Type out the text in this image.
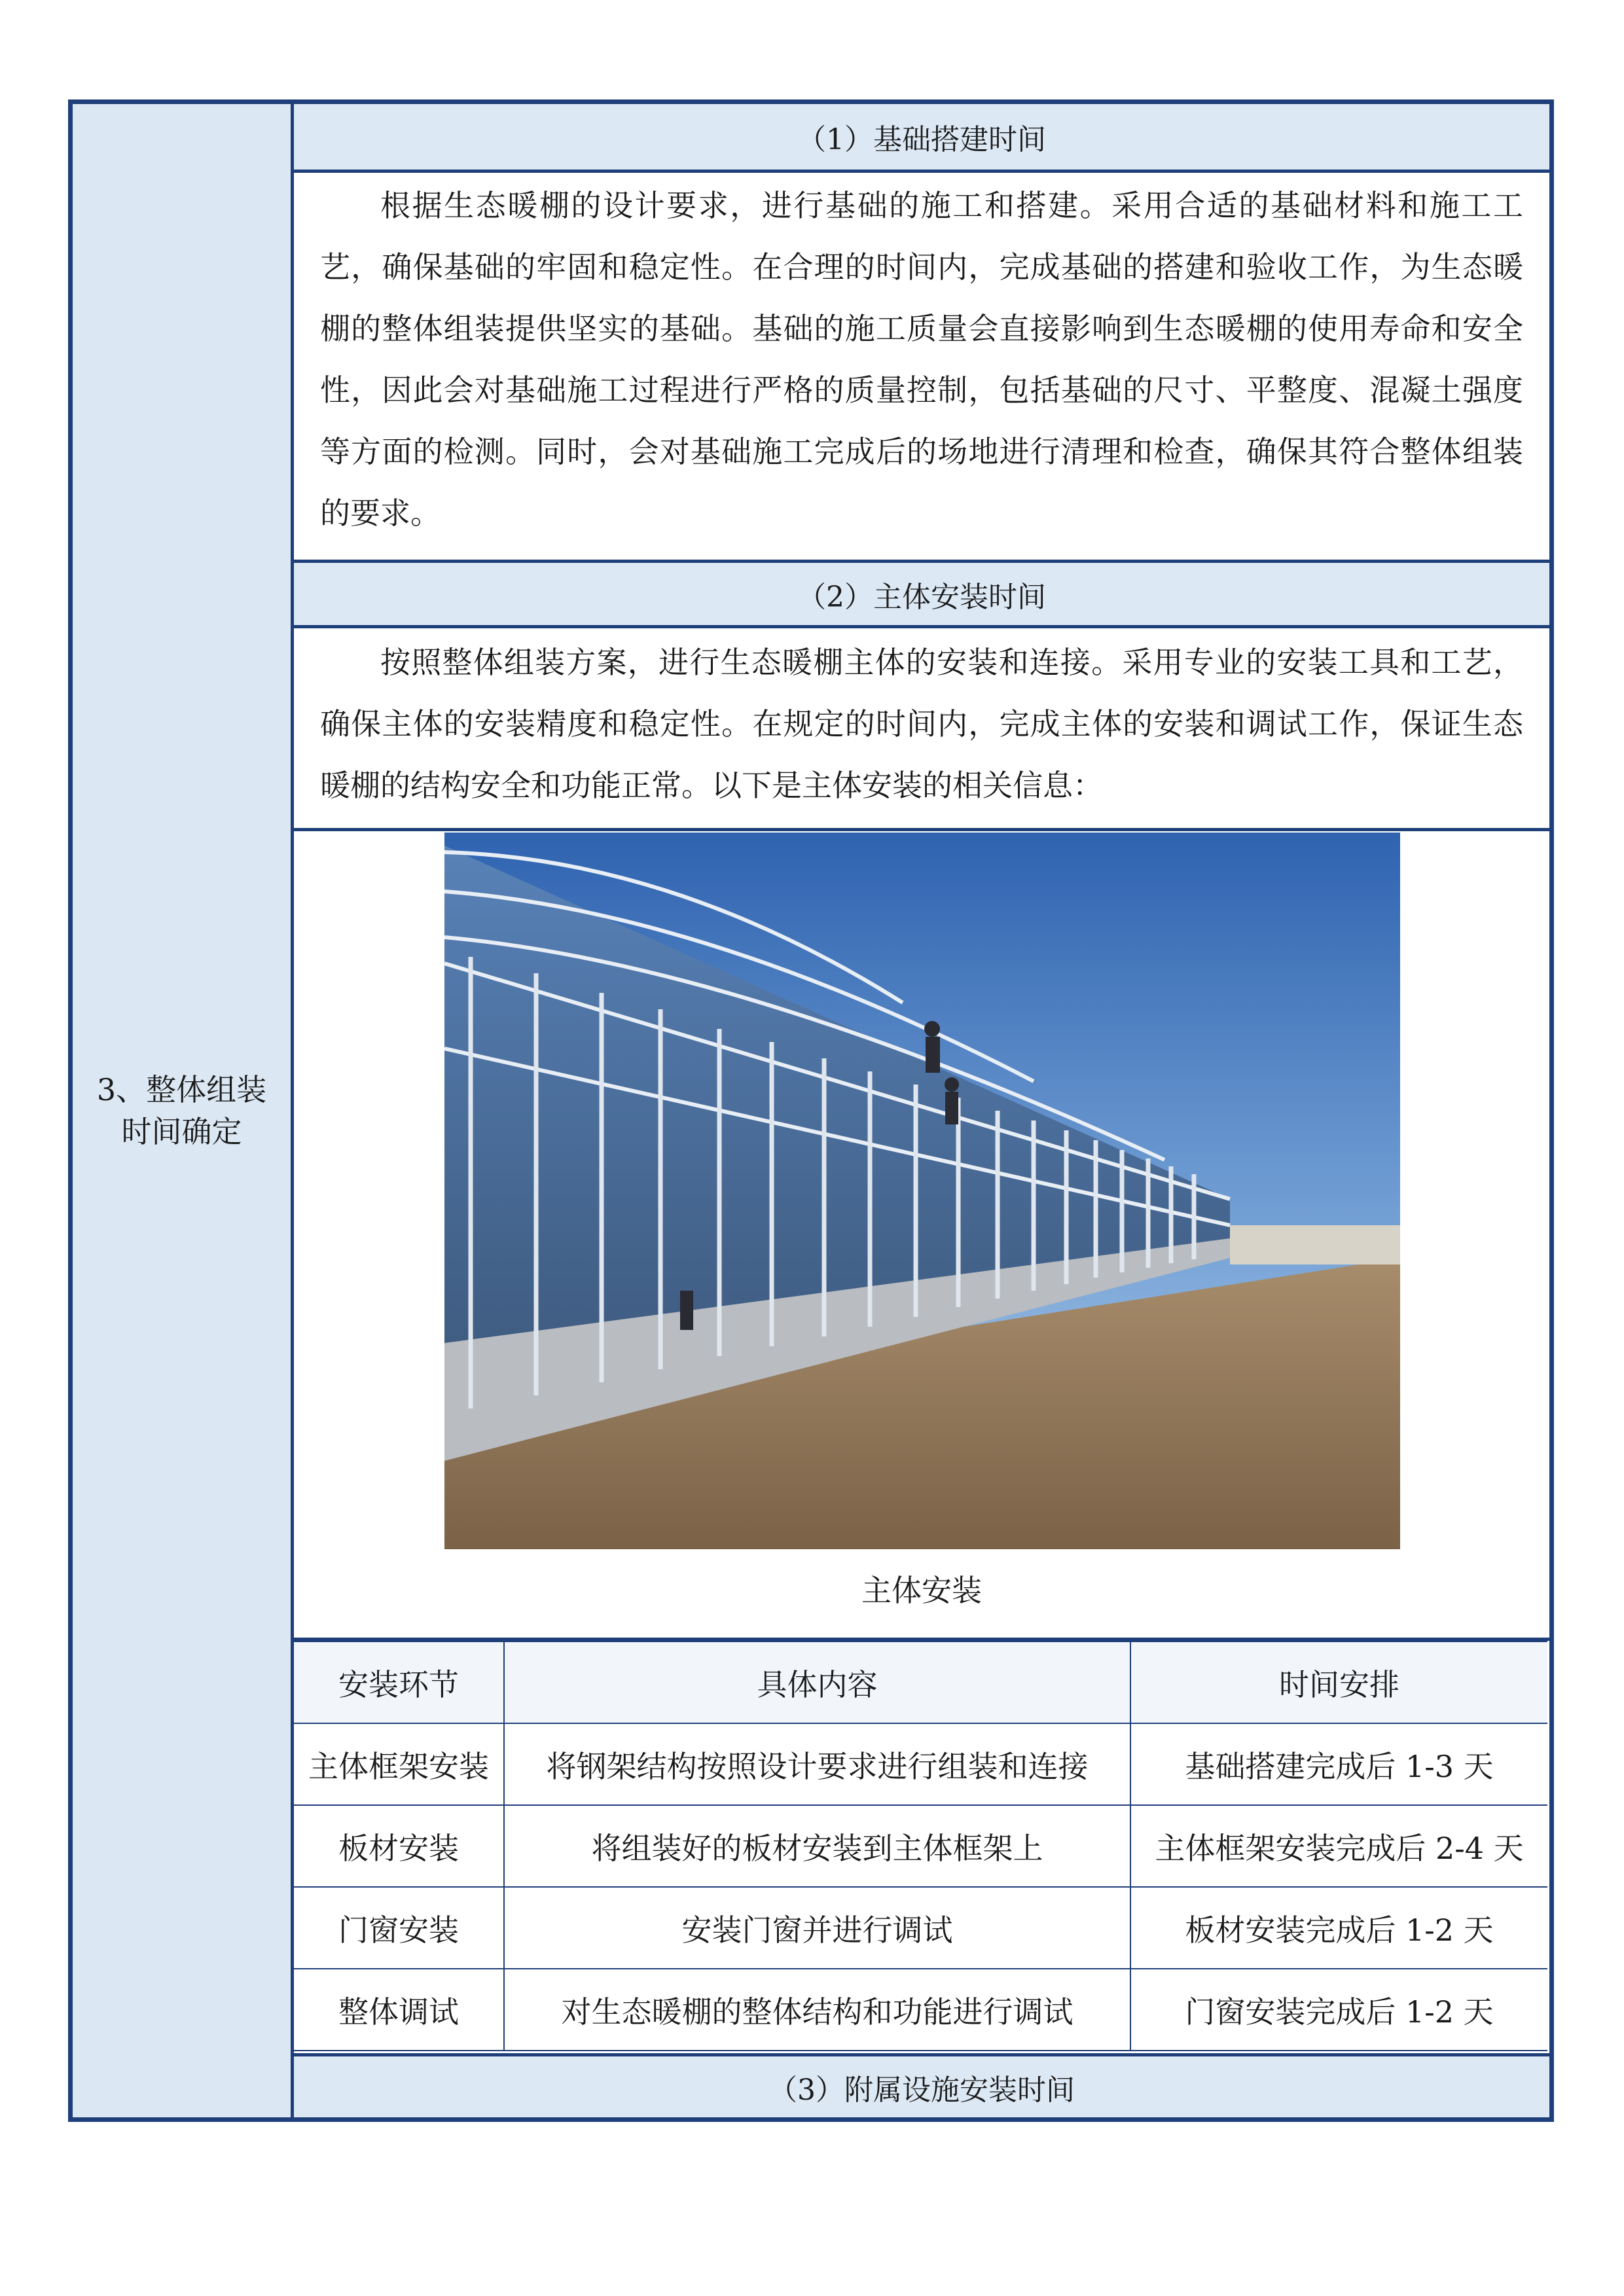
3、整体组装时间确定
（1）基础搭建时间

根据生态暖棚的设计要求，进行基础的施工和搭建。采用合适的基础材料和施工工艺，确保基础的牢固和稳定性。在合理的时间内，完成基础的搭建和验收工作，为生态暖棚的整体组装提供坚实的基础。基础的施工质量会直接影响到生态暖棚的使用寿命和安全性，因此会对基础施工过程进行严格的质量控制，包括基础的尺寸、平整度、混凝土强度等方面的检测。同时，会对基础施工完成后的场地进行清理和检查，确保其符合整体组装的要求。

（2）主体安装时间

按照整体组装方案，进行生态暖棚主体的安装和连接。采用专业的安装工具和工艺，确保主体的安装精度和稳定性。在规定的时间内，完成主体的安装和调试工作，保证生态暖棚的结构安全和功能正常。以下是主体安装的相关信息：

主体安装
安装环节	具体内容	时间安排
主体框架安装	将钢架结构按照设计要求进行组装和连接	基础搭建完成后 1-3 天
板材安装	将组装好的板材安装到主体框架上	主体框架安装完成后 2-4 天
门窗安装	安装门窗并进行调试	板材安装完成后 1-2 天
整体调试	对生态暖棚的整体结构和功能进行调试	门窗安装完成后 1-2 天
（3）附属设施安装时间
